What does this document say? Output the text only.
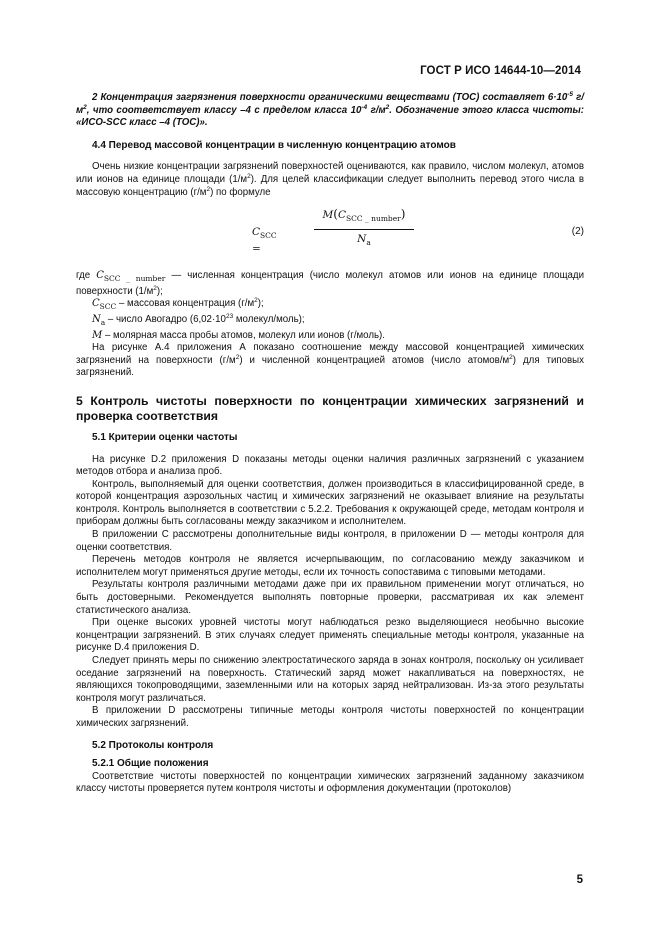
ГОСТ Р ИСО 14644-10—2014

2 Концентрация загрязнения поверхности органическими веществами (ТОС) составляет $6\cdot 10^{-5}$ $г/м^2$, что соответствует классу –4 с пределом класса $10^{-4}$ $г/м^2$. Обозначение этого класса чистоты: «ИСО-SCC класс –4 (ТОС)».

4.4 Перевод массовой концентрации в численную концентрацию атомов

Очень низкие концентрации загрязнений поверхностей оцениваются, как правило, числом молекул, атомов или ионов на единице площади $(1/м^2)$. Для целей классификации следует выполнить перевод этого числа в массовую концентрацию $(г/м^2)$ по формуле

$C_{SCC}$ =
$M(C_{SCC \_ number})$
$N_a$
(2)

где $C_{SCC \_ number}$ — численная концентрация (число молекул атомов или ионов на единице площади поверхности $(1/м^2)$;

$C_{SCC}$ – массовая концентрация $(г/м^2)$;

$N_a$ – число Авогадро ($6,02\cdot 10^{23}$ молекул/моль);

M – молярная масса пробы атомов, молекул или ионов (г/моль).

На рисунке А.4 приложения А показано соотношение между массовой концентрацией химических загрязнений на поверхности $(г/м^2)$ и численной концентрацией атомов (число атомов/$м^2$) для типовых загрязнений.

5 Контроль чистоты поверхности по концентрации химических загрязнений и проверка соответствия
5.1 Критерии оценки частоты

На рисунке D.2 приложения D показаны методы оценки наличия различных загрязнений с указанием методов отбора и анализа проб.

Контроль, выполняемый для оценки соответствия, должен производиться в классифицированной среде, в которой концентрация аэрозольных частиц и химических загрязнений не оказывает влияние на результаты контроля. Контроль выполняется в соответствии с 5.2.2. Требования к окружающей среде, методам контроля и приборам должны быть согласованы между заказчиком и исполнителем.

В приложении С рассмотрены дополнительные виды контроля, в приложении D — методы контроля для оценки соответствия.

Перечень методов контроля не является исчерпывающим, по согласованию между заказчиком и исполнителем могут применяться другие методы, если их точность сопоставима с типовыми методами.

Результаты контроля различными методами даже при их правильном применении могут отличаться, но быть достоверными. Рекомендуется выполнять повторные проверки, рассматривая их как элемент статистического анализа.

При оценке высоких уровней чистоты могут наблюдаться резко выделяющиеся необычно высокие концентрации загрязнений. В этих случаях следует применять специальные методы контроля, указанные на рисунке D.4 приложения D.

Следует принять меры по снижению электростатического заряда в зонах контроля, поскольку он усиливает оседание загрязнений на поверхность. Статический заряд может накапливаться на поверхностях, не являющихся токопроводящими, заземленными или на которых заряд нейтрализован. Из-за этого результаты контроля могут различаться.

В приложении D рассмотрены типичные методы контроля чистоты поверхностей по концентрации химических загрязнений.

5.2 Протоколы контроля
5.2.1 Общие положения

Соответствие чистоты поверхностей по концентрации химических загрязнений заданному заказчиком классу чистоты проверяется путем контроля чистоты и оформления документации (протоколов)

5
